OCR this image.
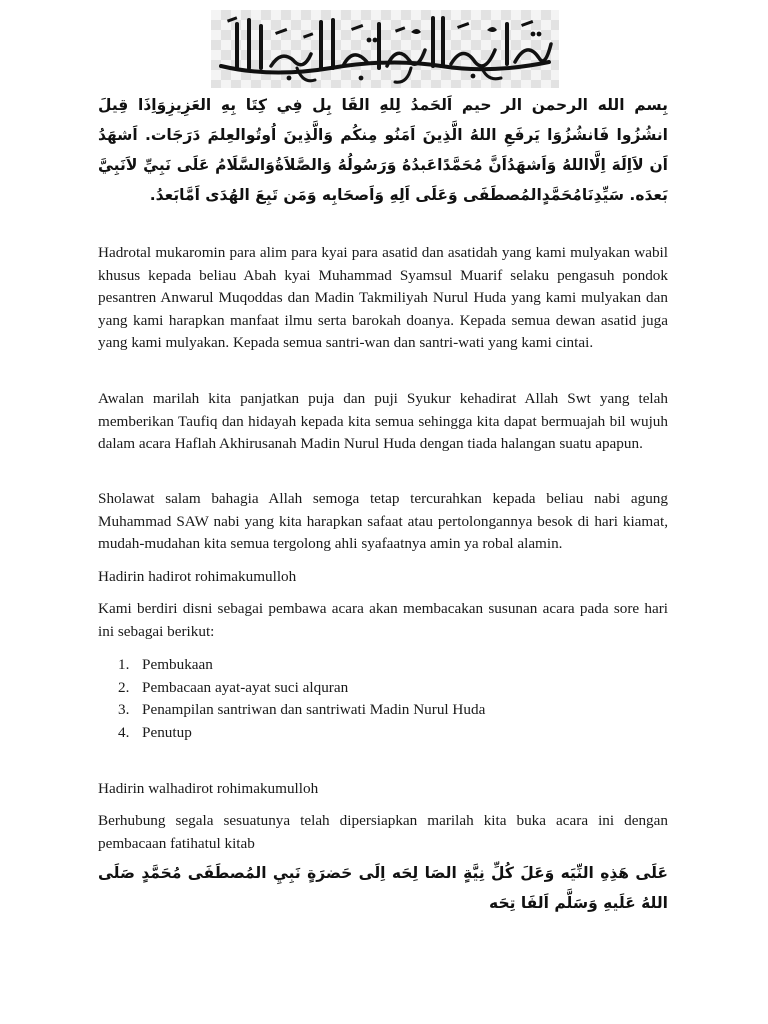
بِسم الله الرحمن الر حيم اَلحَمدُ لِلهِ القَا بِل فِي كِتَا بِهِ العَزِيزِوَاِذَا قِيلَ انشُزُوا فَانشُزُوَا يَرفَعِ اللهُ الَّذِينَ اَمَنُو مِنكُم وَالَّذِينَ اُوتُوالعِلمَ دَرَجَات. اَشهَدُ اَن لاَاِلَهَ اِلَّااللهُ وَاَشهَدُاَنَّ مُحَمَّدًاعَبدُهُ وَرَسُولُهُ وَالصَّلاَةُوَالسَّلَامُ عَلَى نَبِيِّ لاَنَبِيَّ بَعدَه. سَيِّدِنَامُحَمَّدٍالمُصطَفَى وَعَلَى اَلِهِ وَاَصحَابِه وَمَن تَبِعَ الهُدَى اَمَّابَعدُ.

Hadrotal mukaromin para alim para kyai para asatid dan asatidah yang kami mulyakan wabil khusus kepada beliau Abah kyai Muhammad Syamsul Muarif selaku pengasuh pondok pesantren Anwarul Muqoddas dan Madin Takmiliyah Nurul Huda yang kami mulyakan dan yang kami harapkan manfaat ilmu serta barokah doanya. Kepada semua dewan asatid juga yang kami mulyakan. Kepada semua santri-wan dan santri-wati yang kami cintai.

Awalan marilah kita panjatkan puja dan puji Syukur kehadirat Allah Swt yang telah memberikan Taufiq dan hidayah kepada kita semua sehingga kita dapat bermuajah bil wujuh dalam acara Haflah Akhirusanah Madin Nurul Huda dengan tiada halangan suatu apapun.

Sholawat salam bahagia Allah semoga tetap tercurahkan kepada beliau nabi agung Muhammad SAW nabi yang kita harapkan safaat atau pertolongannya besok di hari kiamat, mudah-mudahan kita semua tergolong ahli syafaatnya amin ya robal alamin.

Hadirin hadirot rohimakumulloh

Kami berdiri disni sebagai pembawa acara akan membacakan susunan acara pada sore hari ini sebagai berikut:

1. Pembukaan
2. Pembacaan ayat-ayat suci alquran
3. Penampilan santriwan dan santriwati Madin Nurul Huda
4. Penutup

Hadirin walhadirot rohimakumulloh

Berhubung segala sesuatunya telah dipersiapkan marilah kita buka acara ini dengan pembacaan fatihatul kitab

عَلَى هَذِهِ النِّيَه وَعَلَ كُلِّ نِيَّةٍ الصَا لِحَه اِلَى حَضرَةٍ نَبِيِ المُصطَفَى مُحَمَّدٍ صَلَى اللهُ عَلَيهِ وَسَلَّم اَلفَا تِحَه
